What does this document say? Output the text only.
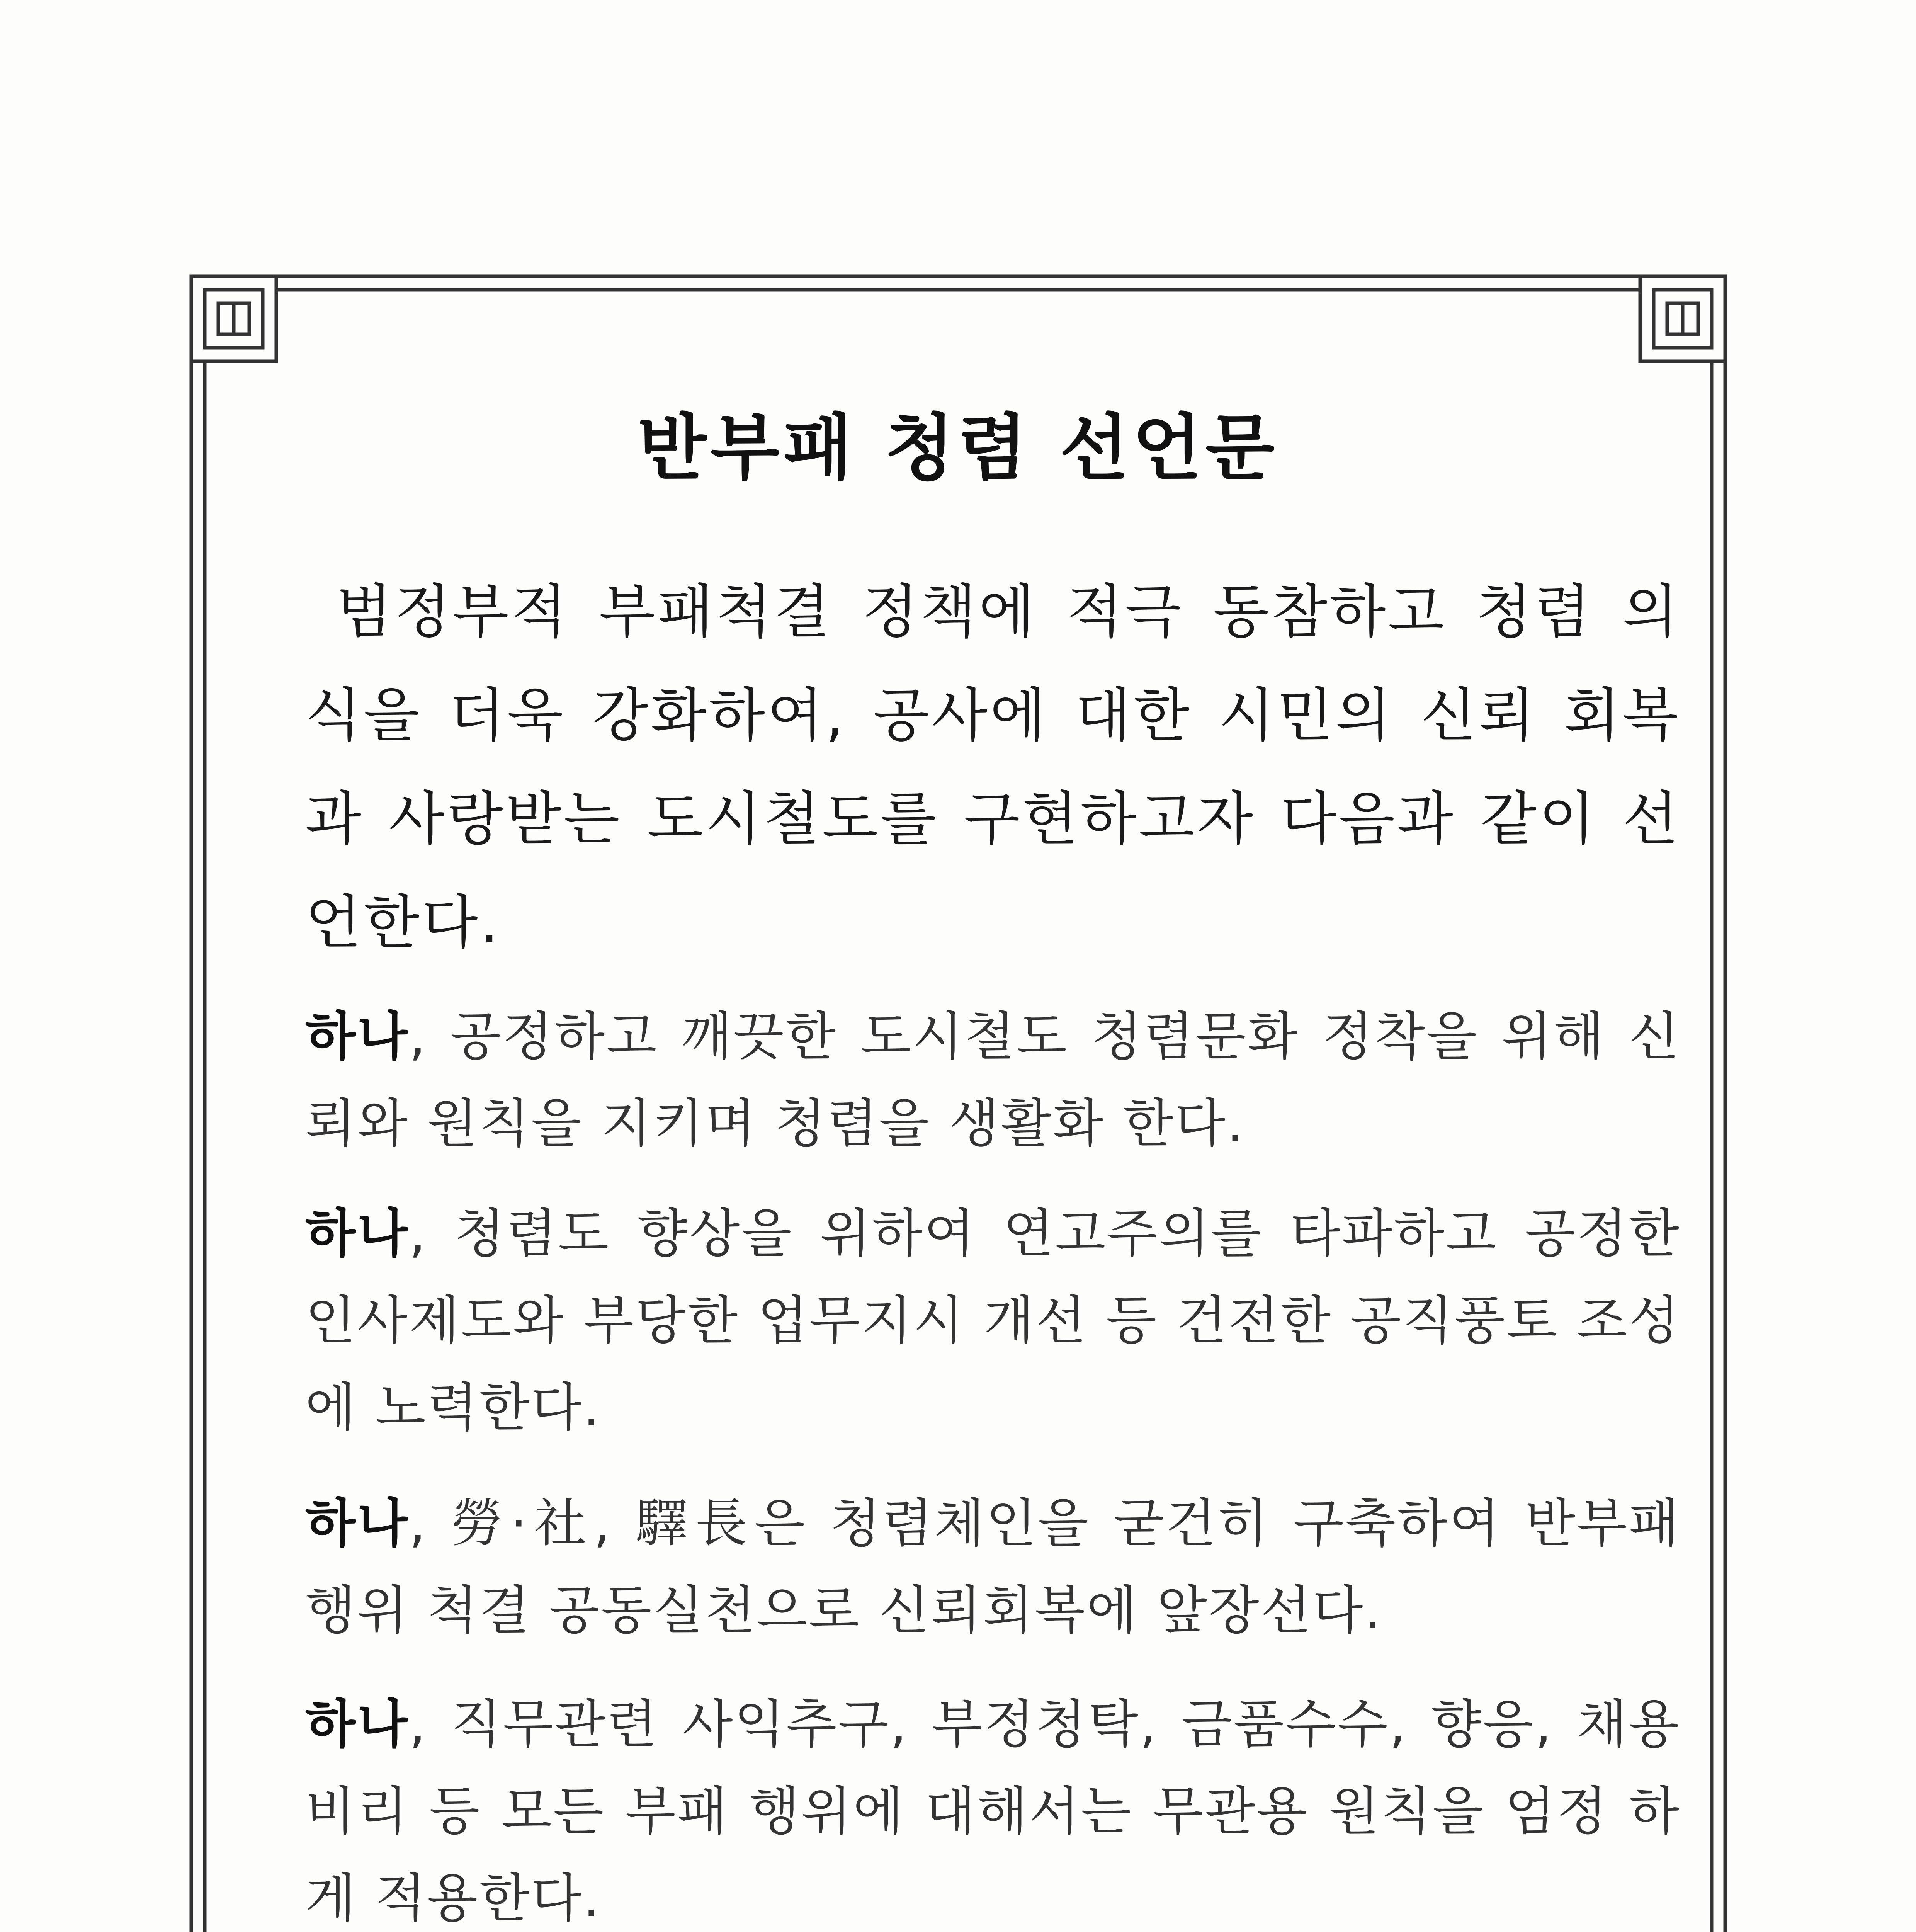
반부패 청렴 선언문
범정부적 부패척결 정책에 적극 동참하고 청렴 의식을 더욱 강화하여, 공사에 대한 시민의 신뢰 회복과 사랑받는 도시철도를 구현하고자 다음과 같이 선언한다.
하나, 공정하고 깨끗한 도시철도 청렴문화 정착을 위해 신뢰와 원칙을 지키며 청렴을 생활화 한다.
하나, 청렴도 향상을 위하여 연고주의를 타파하고 공정한 인사제도와 부당한 업무지시 개선 등 건전한 공직풍토 조성에 노력한다.
하나, 勞·社, 驛長은 청렴체인을 굳건히 구축하여 반부패 행위 척결 공동실천으로 신뢰회복에 앞장선다.
하나, 직무관련 사익추구, 부정청탁, 금품수수, 향응, 채용 비리 등 모든 부패 행위에 대해서는 무관용 원칙을 엄정 하게 적용한다.
